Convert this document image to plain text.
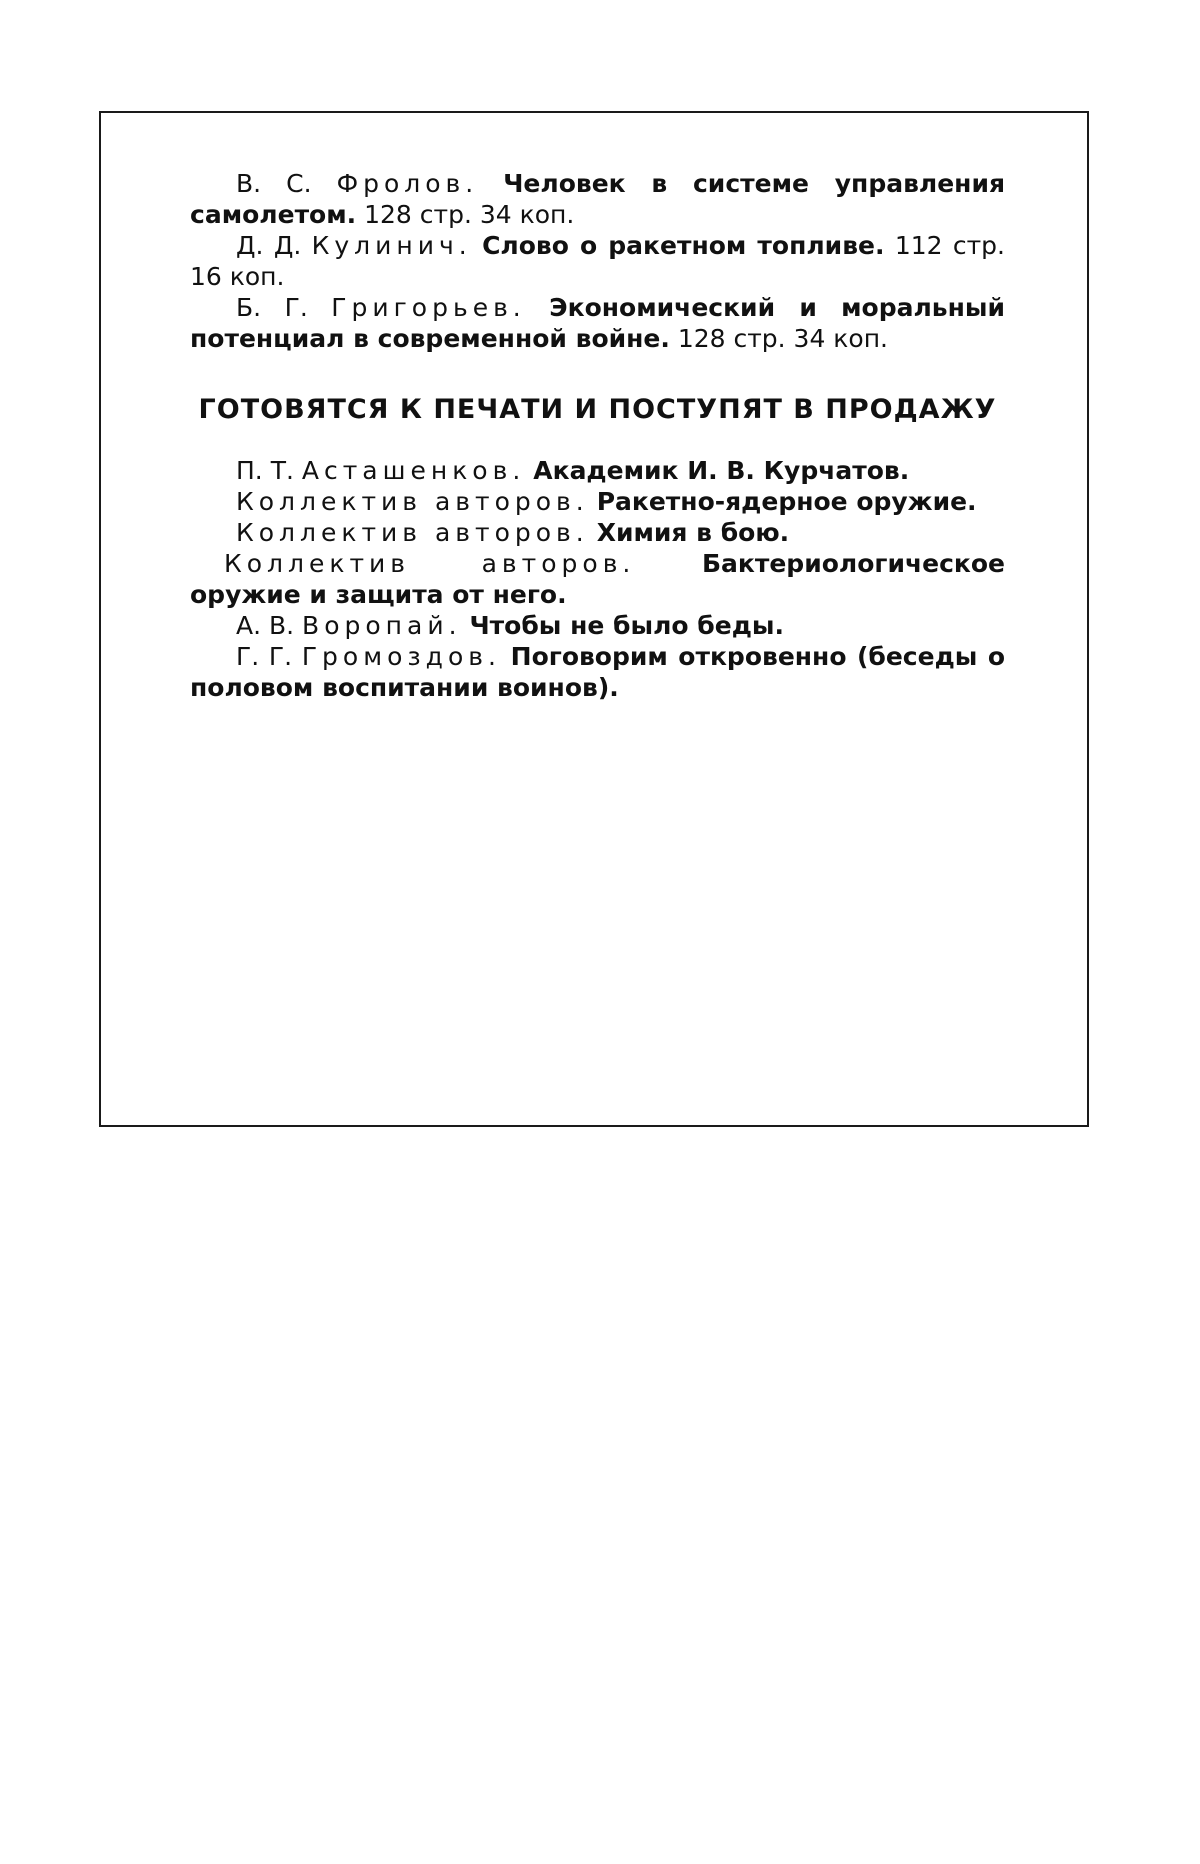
В. С. Фролов. Человек в системе управления самолетом. 128 стр. 34 коп.

Д. Д. Кулинич. Слово о ракетном топливе. 112 стр. 16 коп.

Б. Г. Григорьев. Экономический и моральный потенциал в современной войне. 128 стр. 34 коп.

ГОТОВЯТСЯ К ПЕЧАТИ И ПОСТУПЯТ В ПРОДАЖУ

П. Т. Асташенков. Академик И. В. Курчатов.

Коллектив авторов. Ракетно-ядерное оружие.

Коллектив авторов. Химия в бою.

Коллектив авторов.	Бактериологическое оружие и защита от него.

А. В. Воропай. Чтобы не было беды.

Г. Г. Громоздов. Поговорим откровенно (беседы о половом воспитании воинов).
